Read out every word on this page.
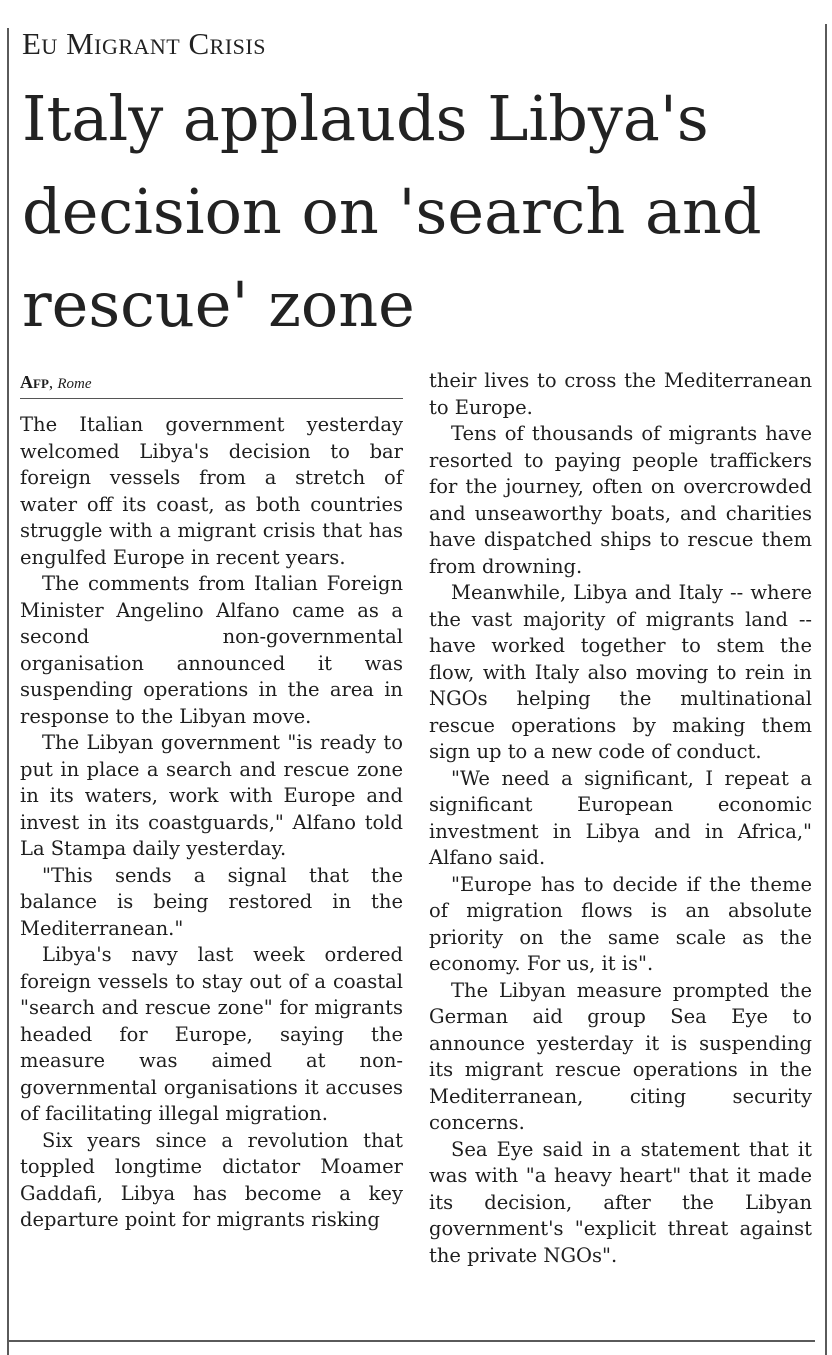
Eu Migrant Crisis
Italy applauds Libya's decision on 'search and rescue' zone
Afp, Rome

The Italian government yesterday welcomed Libya's decision to bar foreign vessels from a stretch of water off its coast, as both countries struggle with a migrant crisis that has engulfed Europe in recent years.

The comments from Italian Foreign Minister Angelino Alfano came as a second non-governmental organisation announced it was suspending operations in the area in response to the Libyan move.

The Libyan government "is ready to put in place a search and rescue zone in its waters, work with Europe and invest in its coastguards," Alfano told La Stampa daily yesterday.

"This sends a signal that the balance is being restored in the Mediterranean."

Libya's navy last week ordered foreign vessels to stay out of a coastal "search and rescue zone" for migrants headed for Europe, saying the measure was aimed at non-governmental organisations it accuses of facilitating illegal migration.

Six years since a revolution that toppled longtime dictator Moamer Gaddafi, Libya has become a key departure point for migrants risking

their lives to cross the Mediterranean to Europe.

Tens of thousands of migrants have resorted to paying people traffickers for the journey, often on overcrowded and unseaworthy boats, and charities have dispatched ships to rescue them from drowning.

Meanwhile, Libya and Italy -- where the vast majority of migrants land -- have worked together to stem the flow, with Italy also moving to rein in NGOs helping the multinational rescue operations by making them sign up to a new code of conduct.

"We need a significant, I repeat a significant European economic investment in Libya and in Africa," Alfano said.

"Europe has to decide if the theme of migration flows is an absolute priority on the same scale as the economy. For us, it is".

The Libyan measure prompted the German aid group Sea Eye to announce yesterday it is suspending its migrant rescue operations in the Mediterranean, citing security concerns.

Sea Eye said in a statement that it was with "a heavy heart" that it made its decision, after the Libyan government's "explicit threat against the private NGOs".
